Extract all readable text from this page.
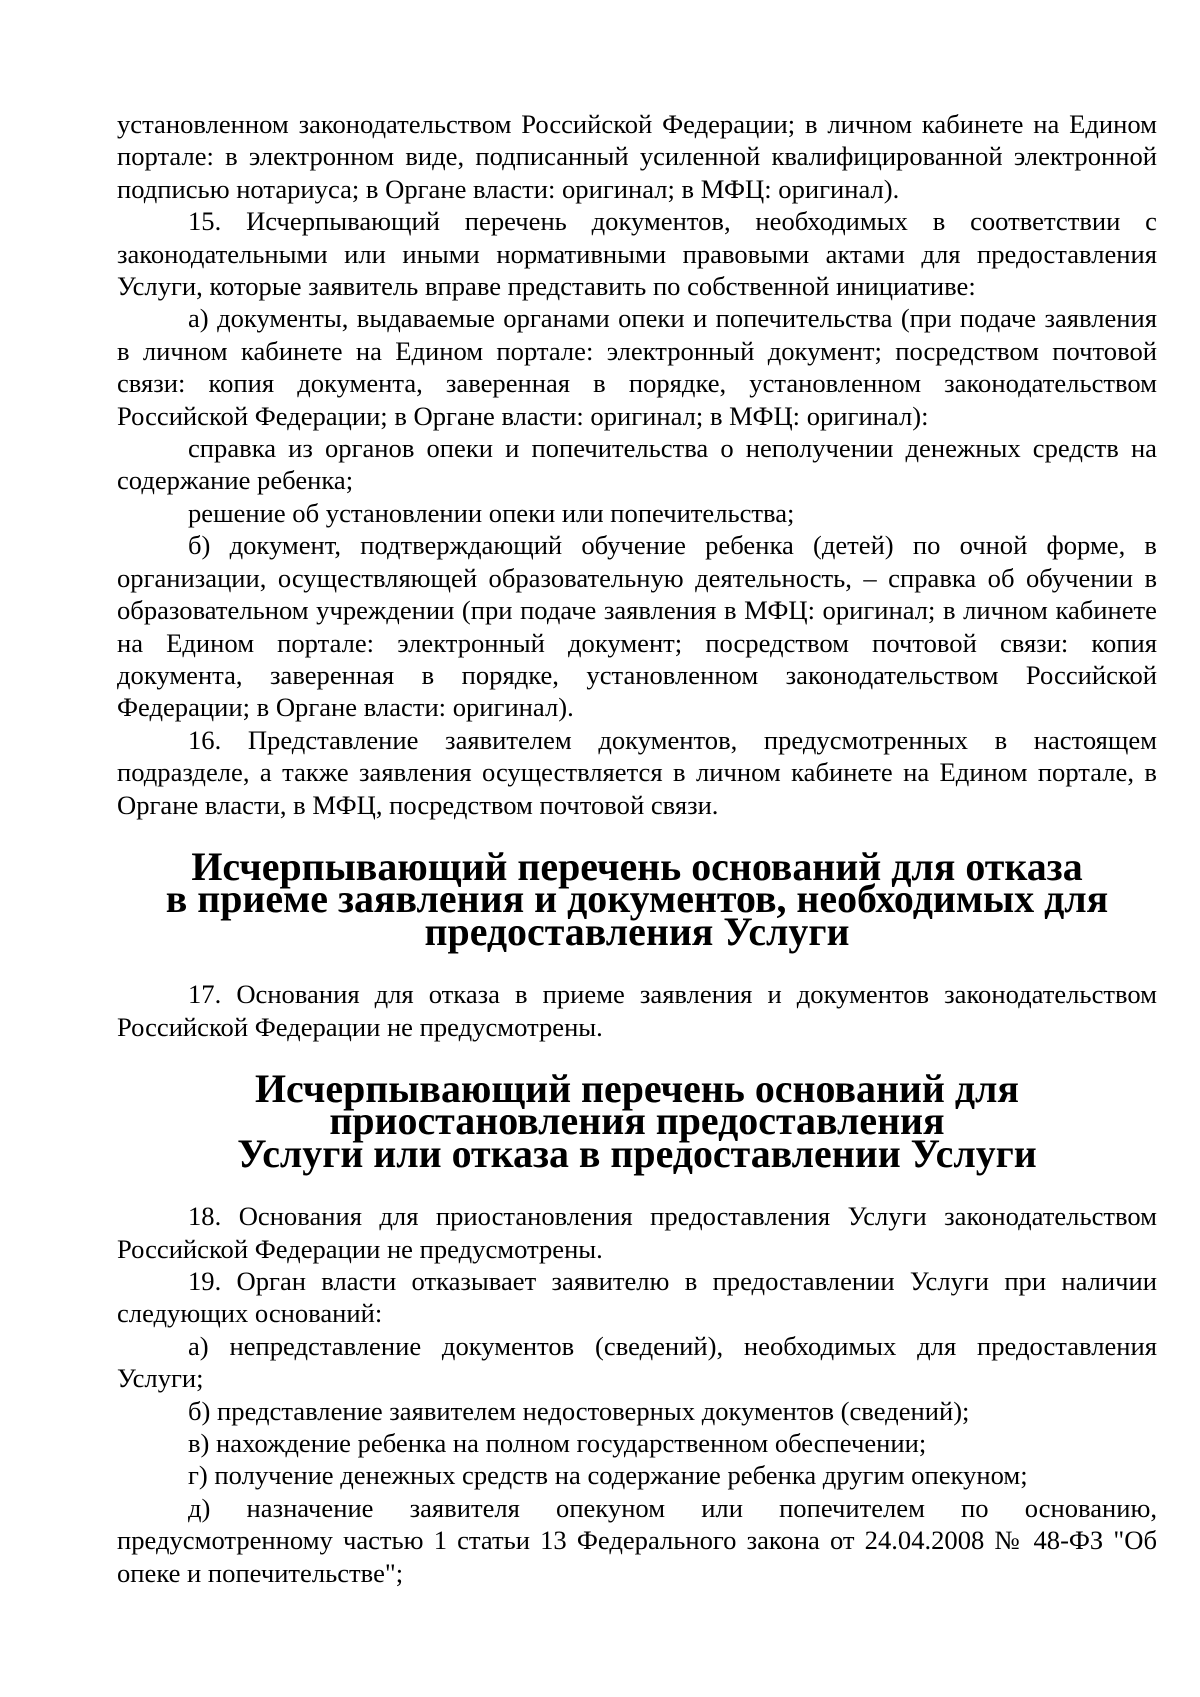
установленном законодательством Российской Федерации; в личном кабинете на Едином портале: в электронном виде, подписанный усиленной квалифицированной электронной подписью нотариуса; в Органе власти: оригинал; в МФЦ: оригинал).

15. Исчерпывающий перечень документов, необходимых в соответствии с законодательными или иными нормативными правовыми актами для предоставления Услуги, которые заявитель вправе представить по собственной инициативе:

а) документы, выдаваемые органами опеки и попечительства (при подаче заявления в личном кабинете на Едином портале: электронный документ; посредством почтовой связи: копия документа, заверенная в порядке, установленном законодательством Российской Федерации; в Органе власти: оригинал; в МФЦ: оригинал):

справка из органов опеки и попечительства о неполучении денежных средств на содержание ребенка;

решение об установлении опеки или попечительства;

б) документ, подтверждающий обучение ребенка (детей) по очной форме, в организации, осуществляющей образовательную деятельность, – справка об обучении в образовательном учреждении (при подаче заявления в МФЦ: оригинал; в личном кабинете на Едином портале: электронный документ; посредством почтовой связи: копия документа, заверенная в порядке, установленном законодательством Российской Федерации; в Органе власти: оригинал).

16. Представление заявителем документов, предусмотренных в настоящем подразделе, а также заявления осуществляется в личном кабинете на Едином портале, в Органе власти, в МФЦ, посредством почтовой связи.

Исчерпывающий перечень оснований для отказа
в приеме заявления и документов, необходимых для предоставления Услуги

17. Основания для отказа в приеме заявления и документов законодательством Российской Федерации не предусмотрены.

Исчерпывающий перечень оснований для приостановления предоставления
Услуги или отказа в предоставлении Услуги

18. Основания для приостановления предоставления Услуги законодательством Российской Федерации не предусмотрены.

19. Орган власти отказывает заявителю в предоставлении Услуги при наличии следующих оснований:

а) непредставление документов (сведений), необходимых для предоставления Услуги;

б) представление заявителем недостоверных документов (сведений);

в) нахождение ребенка на полном государственном обеспечении;

г) получение денежных средств на содержание ребенка другим опекуном;

д) назначение заявителя опекуном или попечителем по основанию, предусмотренному частью 1 статьи 13 Федерального закона от 24.04.2008 № 48-ФЗ "Об опеке и попечительстве";
